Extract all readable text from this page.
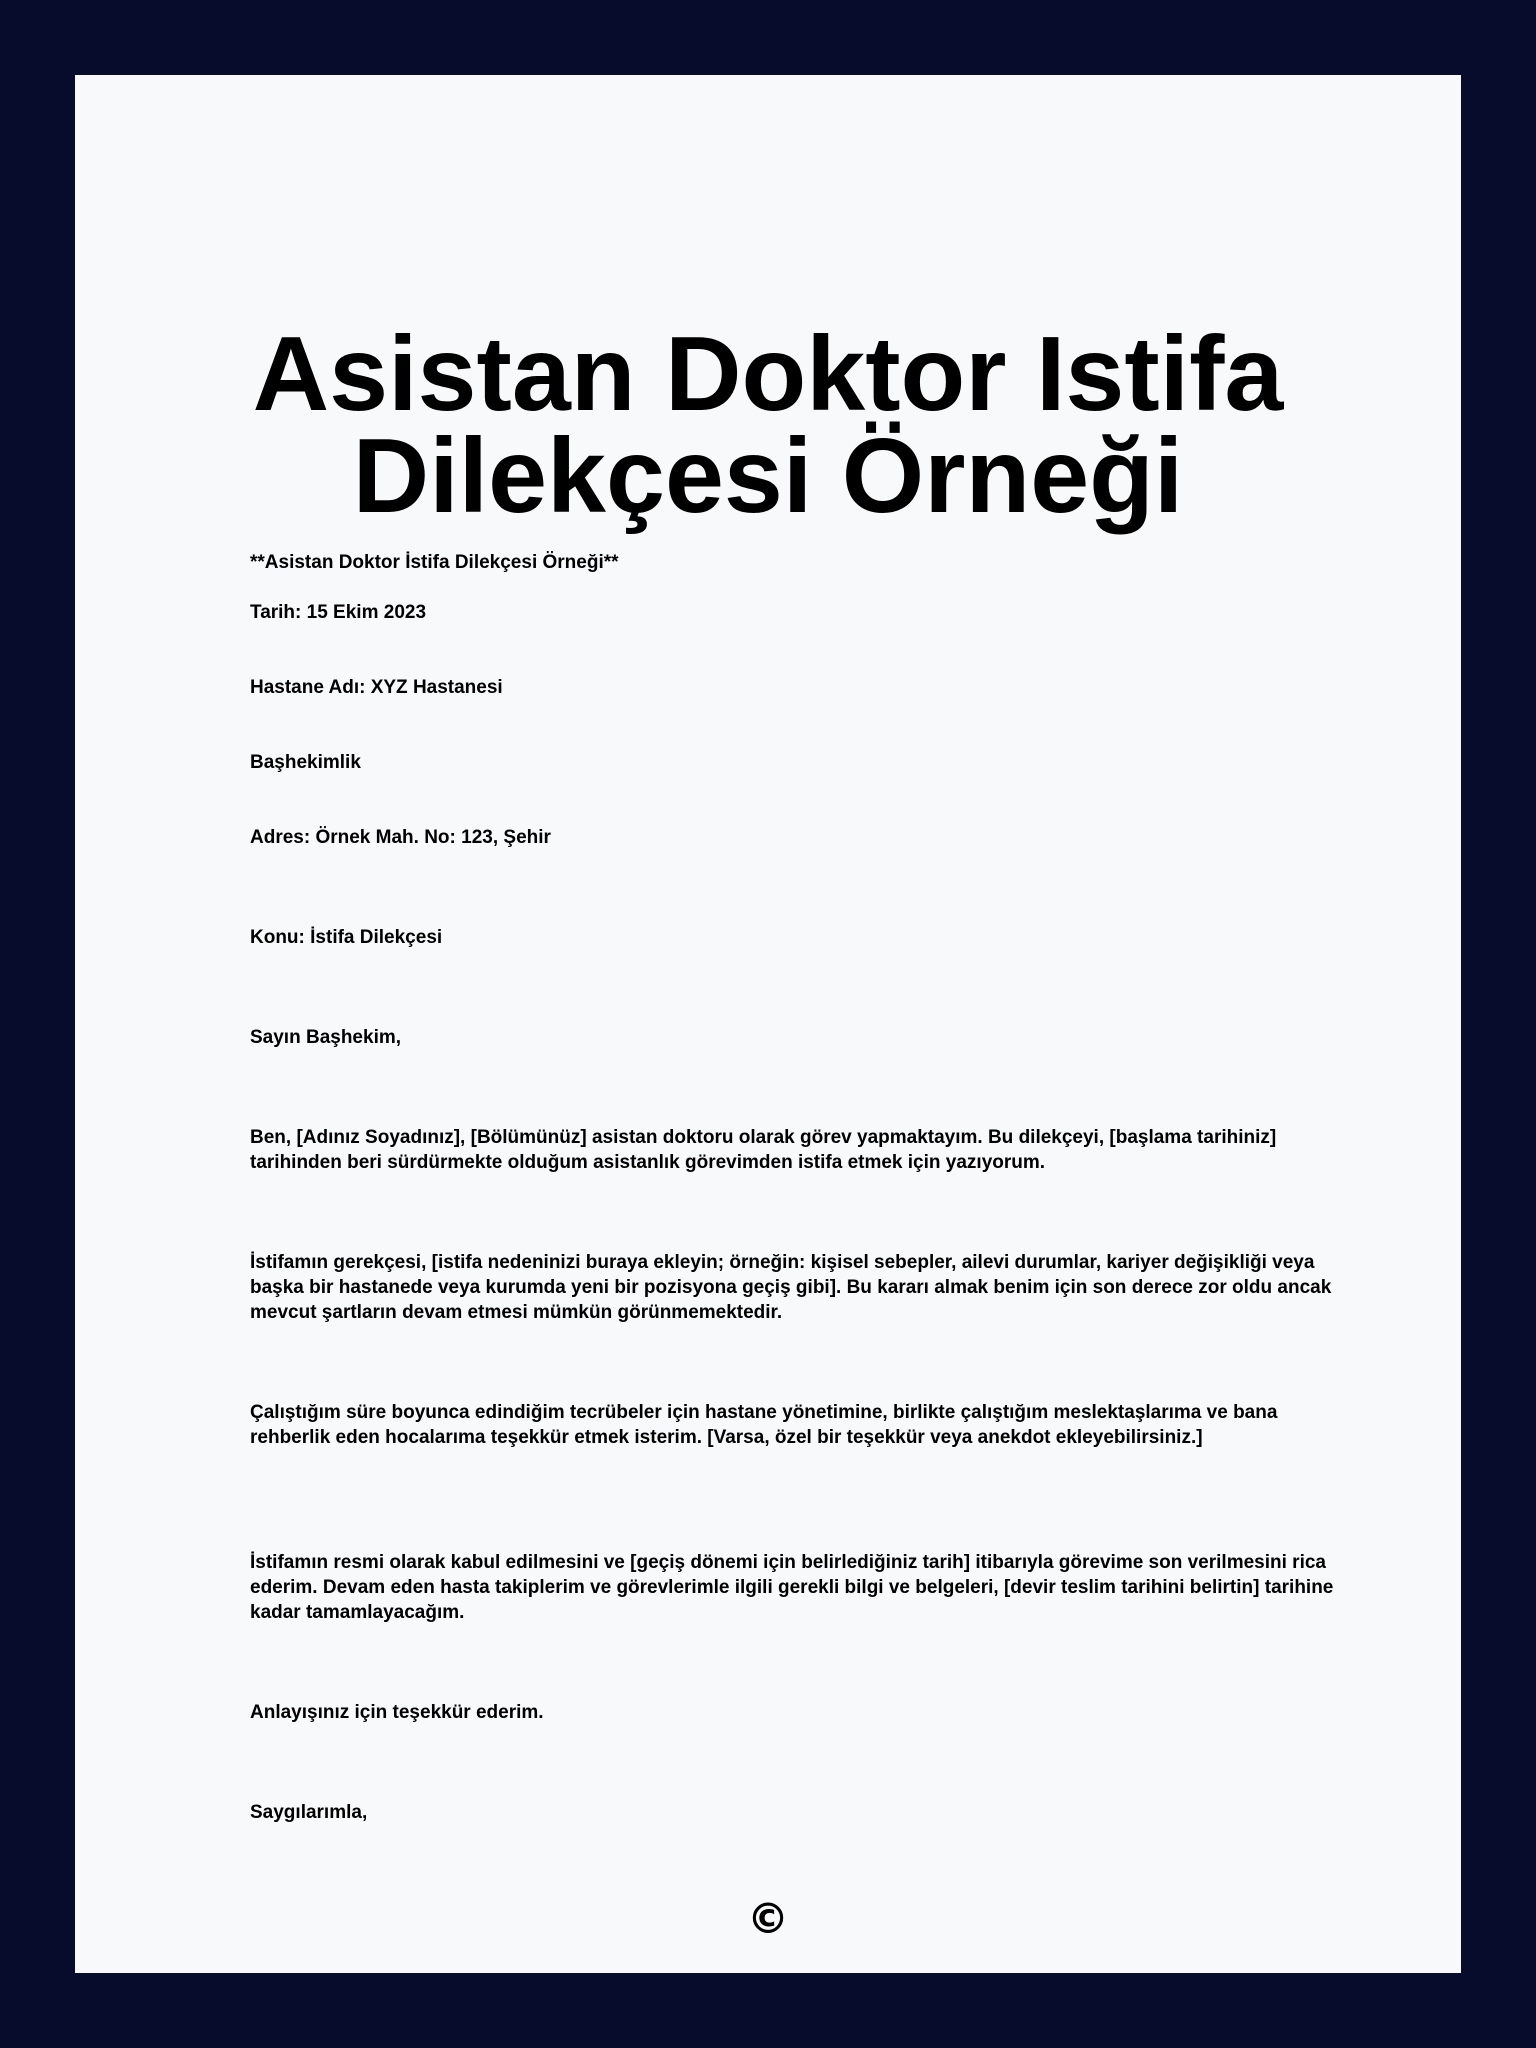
Asistan Doktor Istifa Dilekçesi Örneği

**Asistan Doktor İstifa Dilekçesi Örneği**

Tarih: 15 Ekim 2023

Hastane Adı: XYZ Hastanesi

Başhekimlik

Adres: Örnek Mah. No: 123, Şehir

Konu: İstifa Dilekçesi

Sayın Başhekim,

Ben, [Adınız Soyadınız], [Bölümünüz] asistan doktoru olarak görev yapmaktayım. Bu dilekçeyi, [başlama tarihiniz] tarihinden beri sürdürmekte olduğum asistanlık görevimden istifa etmek için yazıyorum.

İstifamın gerekçesi, [istifa nedeninizi buraya ekleyin; örneğin: kişisel sebepler, ailevi durumlar, kariyer değişikliği veya başka bir hastanede veya kurumda yeni bir pozisyona geçiş gibi]. Bu kararı almak benim için son derece zor oldu ancak mevcut şartların devam etmesi mümkün görünmemektedir.

Çalıştığım süre boyunca edindiğim tecrübeler için hastane yönetimine, birlikte çalıştığım meslektaşlarıma ve bana rehberlik eden hocalarıma teşekkür etmek isterim. [Varsa, özel bir teşekkür veya anekdot ekleyebilirsiniz.]

İstifamın resmi olarak kabul edilmesini ve [geçiş dönemi için belirlediğiniz tarih] itibarıyla görevime son verilmesini rica ederim. Devam eden hasta takiplerim ve görevlerimle ilgili gerekli bilgi ve belgeleri, [devir teslim tarihini belirtin] tarihine kadar tamamlayacağım.

Anlayışınız için teşekkür ederim.

Saygılarımla,

©
